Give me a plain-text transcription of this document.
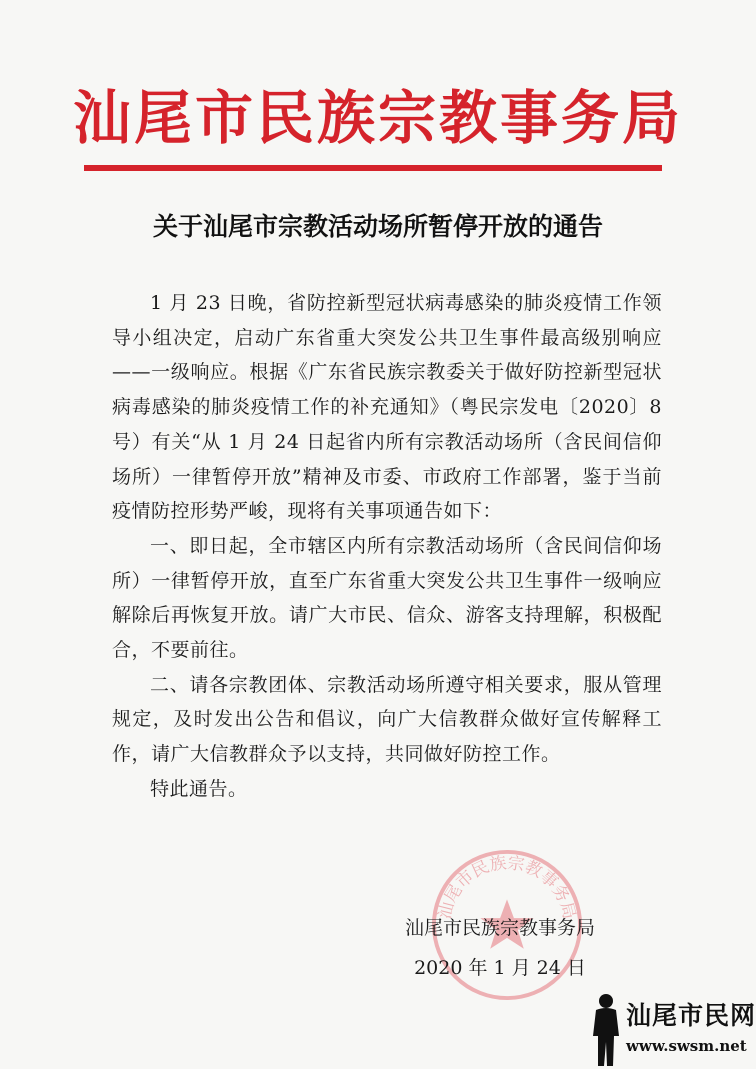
汕尾市民族宗教事务局
关于汕尾市宗教活动场所暂停开放的通告

1 月 23 日晚，省防控新型冠状病毒感染的肺炎疫情工作领导小组决定，启动广东省重大突发公共卫生事件最高级别响应——一级响应。根据《广东省民族宗教委关于做好防控新型冠状病毒感染的肺炎疫情工作的补充通知》（粤民宗发电〔2020〕8 号）有关“从 1 月 24 日起省内所有宗教活动场所（含民间信仰场所）一律暂停开放”精神及市委、市政府工作部署，鉴于当前疫情防控形势严峻，现将有关事项通告如下：

一、即日起，全市辖区内所有宗教活动场所（含民间信仰场所）一律暂停开放，直至广东省重大突发公共卫生事件一级响应解除后再恢复开放。请广大市民、信众、游客支持理解，积极配合，不要前往。

二、请各宗教团体、宗教活动场所遵守相关要求，服从管理规定，及时发出公告和倡议，向广大信教群众做好宣传解释工作，请广大信教群众予以支持，共同做好防控工作。

特此通告。

汕尾市民族宗教事务局
汕尾市民族宗教事务局
2020 年 1 月 24 日
汕尾市民网
www.swsm.net
